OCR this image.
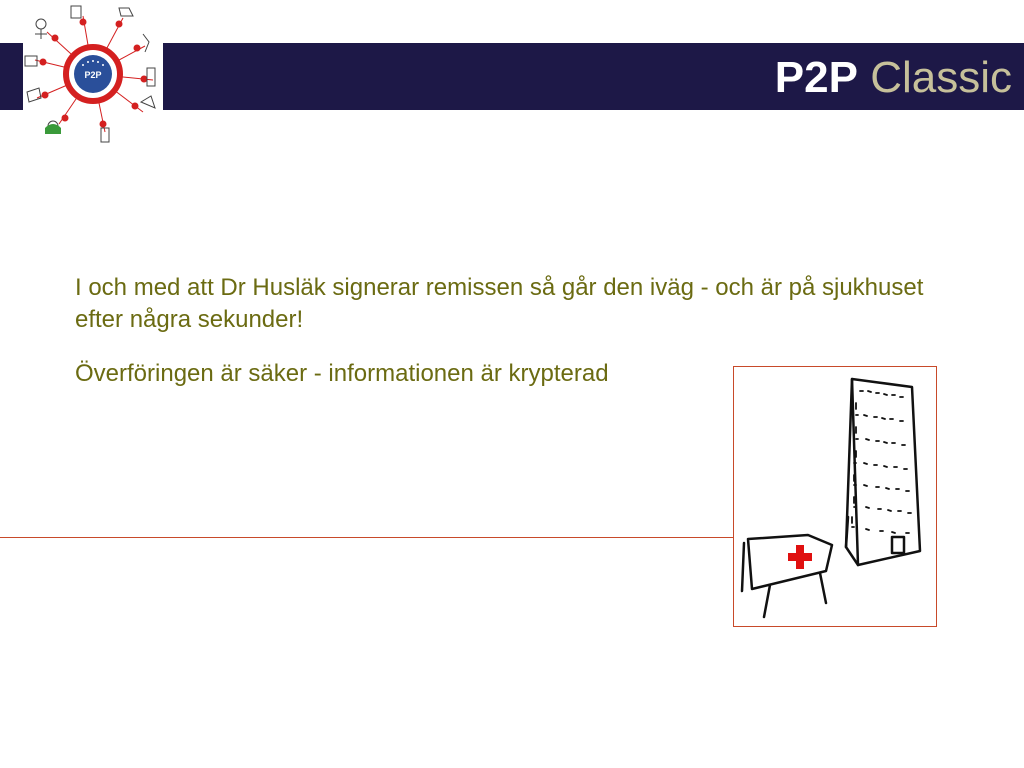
P2P Classic
P2P

I och med att Dr Husläk signerar remissen så går den iväg - och är på sjukhuset efter några sekunder!

Överföringen är säker - informationen är krypterad
